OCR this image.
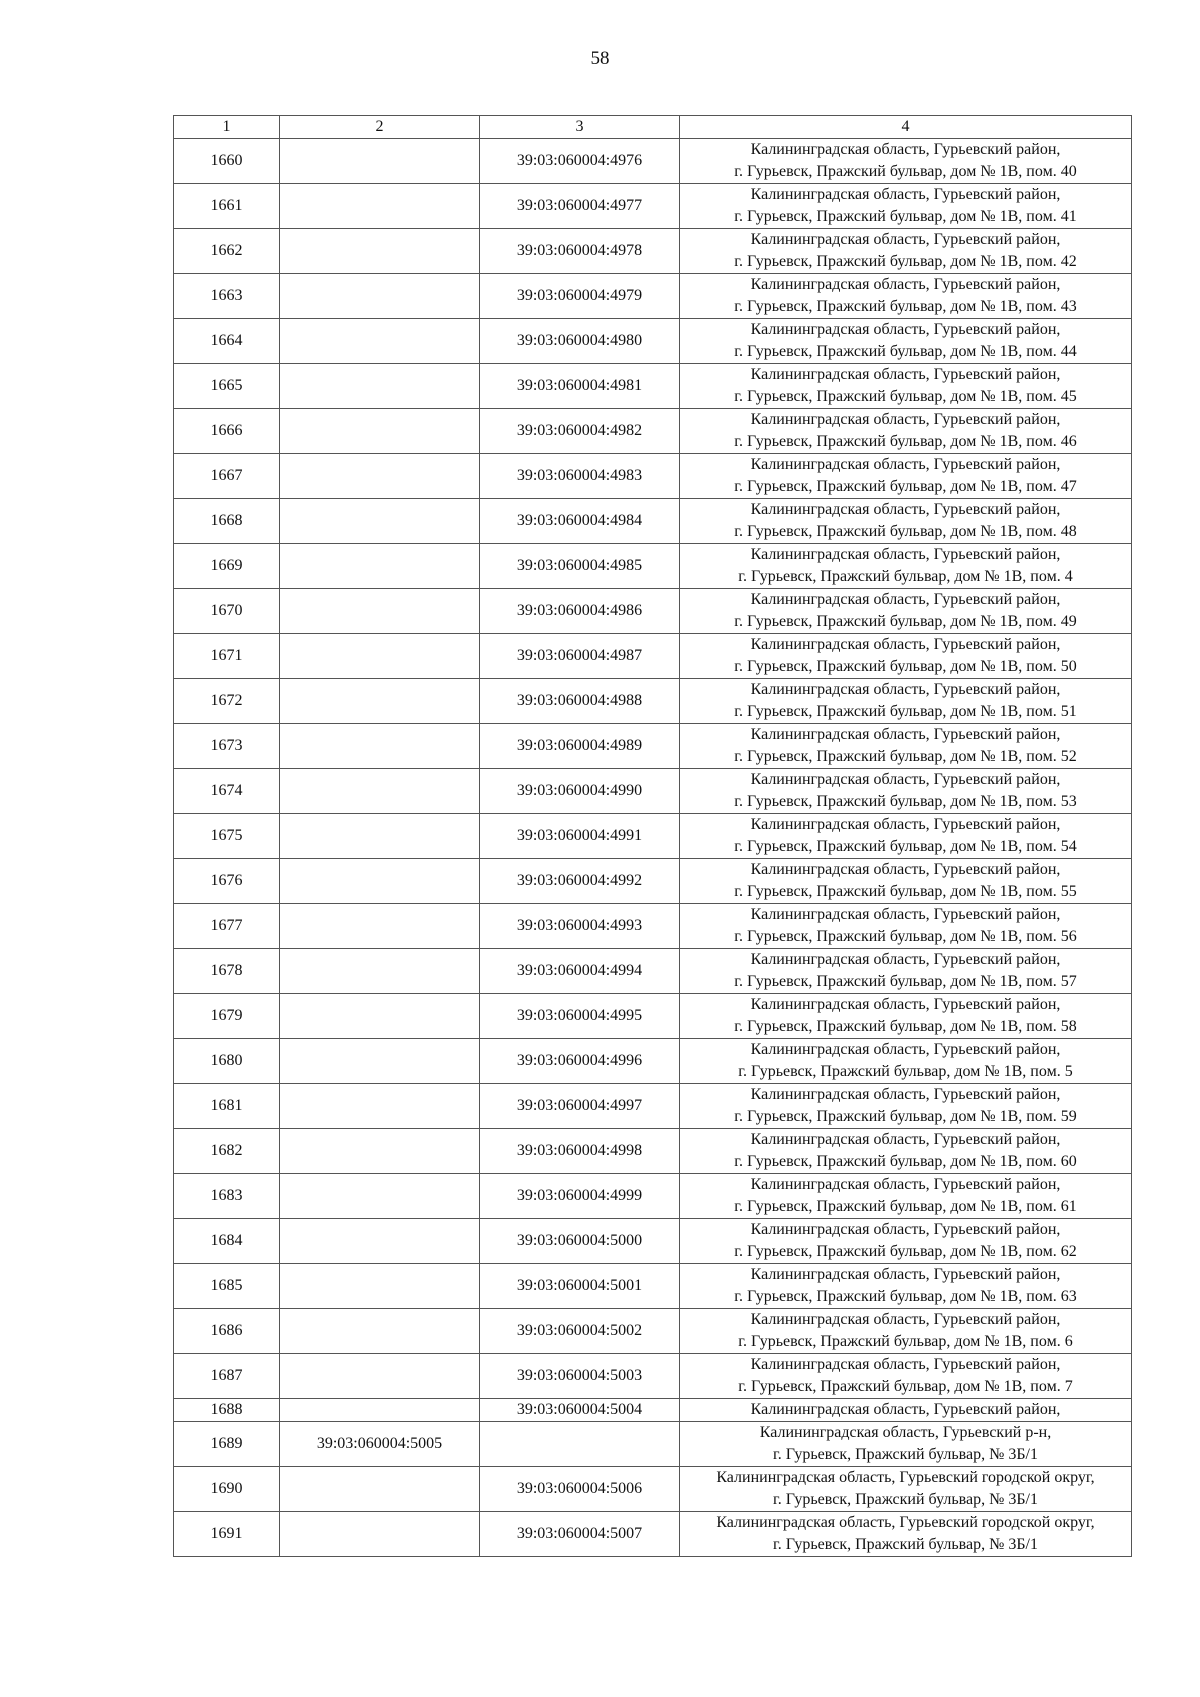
58
1	2	3	4
1660		39:03:060004:4976	Калининградская область, Гурьевский район,
г. Гурьевск, Пражский бульвар, дом № 1В, пом. 40

1661		39:03:060004:4977	Калининградская область, Гурьевский район,
г. Гурьевск, Пражский бульвар, дом № 1В, пом. 41

1662		39:03:060004:4978	Калининградская область, Гурьевский район,
г. Гурьевск, Пражский бульвар, дом № 1В, пом. 42

1663		39:03:060004:4979	Калининградская область, Гурьевский район,
г. Гурьевск, Пражский бульвар, дом № 1В, пом. 43

1664		39:03:060004:4980	Калининградская область, Гурьевский район,
г. Гурьевск, Пражский бульвар, дом № 1В, пом. 44

1665		39:03:060004:4981	Калининградская область, Гурьевский район,
г. Гурьевск, Пражский бульвар, дом № 1В, пом. 45

1666		39:03:060004:4982	Калининградская область, Гурьевский район,
г. Гурьевск, Пражский бульвар, дом № 1В, пом. 46

1667		39:03:060004:4983	Калининградская область, Гурьевский район,
г. Гурьевск, Пражский бульвар, дом № 1В, пом. 47

1668		39:03:060004:4984	Калининградская область, Гурьевский район,
г. Гурьевск, Пражский бульвар, дом № 1В, пом. 48

1669		39:03:060004:4985	Калининградская область, Гурьевский район,
г. Гурьевск, Пражский бульвар, дом № 1В, пом. 4

1670		39:03:060004:4986	Калининградская область, Гурьевский район,
г. Гурьевск, Пражский бульвар, дом № 1В, пом. 49

1671		39:03:060004:4987	Калининградская область, Гурьевский район,
г. Гурьевск, Пражский бульвар, дом № 1В, пом. 50

1672		39:03:060004:4988	Калининградская область, Гурьевский район,
г. Гурьевск, Пражский бульвар, дом № 1В, пом. 51

1673		39:03:060004:4989	Калининградская область, Гурьевский район,
г. Гурьевск, Пражский бульвар, дом № 1В, пом. 52

1674		39:03:060004:4990	Калининградская область, Гурьевский район,
г. Гурьевск, Пражский бульвар, дом № 1В, пом. 53

1675		39:03:060004:4991	Калининградская область, Гурьевский район,
г. Гурьевск, Пражский бульвар, дом № 1В, пом. 54

1676		39:03:060004:4992	Калининградская область, Гурьевский район,
г. Гурьевск, Пражский бульвар, дом № 1В, пом. 55

1677		39:03:060004:4993	Калининградская область, Гурьевский район,
г. Гурьевск, Пражский бульвар, дом № 1В, пом. 56

1678		39:03:060004:4994	Калининградская область, Гурьевский район,
г. Гурьевск, Пражский бульвар, дом № 1В, пом. 57

1679		39:03:060004:4995	Калининградская область, Гурьевский район,
г. Гурьевск, Пражский бульвар, дом № 1В, пом. 58

1680		39:03:060004:4996	Калининградская область, Гурьевский район,
г. Гурьевск, Пражский бульвар, дом № 1В, пом. 5

1681		39:03:060004:4997	Калининградская область, Гурьевский район,
г. Гурьевск, Пражский бульвар, дом № 1В, пом. 59

1682		39:03:060004:4998	Калининградская область, Гурьевский район,
г. Гурьевск, Пражский бульвар, дом № 1В, пом. 60

1683		39:03:060004:4999	Калининградская область, Гурьевский район,
г. Гурьевск, Пражский бульвар, дом № 1В, пом. 61

1684		39:03:060004:5000	Калининградская область, Гурьевский район,
г. Гурьевск, Пражский бульвар, дом № 1В, пом. 62

1685		39:03:060004:5001	Калининградская область, Гурьевский район,
г. Гурьевск, Пражский бульвар, дом № 1В, пом. 63

1686		39:03:060004:5002	Калининградская область, Гурьевский район,
г. Гурьевск, Пражский бульвар, дом № 1В, пом. 6

1687		39:03:060004:5003	Калининградская область, Гурьевский район,
г. Гурьевск, Пражский бульвар, дом № 1В, пом. 7

1688		39:03:060004:5004	Калининградская область, Гурьевский район,

1689	39:03:060004:5005		Калининградская область, Гурьевский р-н,
г. Гурьевск, Пражский бульвар, № 3Б/1

1690		39:03:060004:5006	Калининградская область, Гурьевский городской округ,
г. Гурьевск, Пражский бульвар, № 3Б/1

1691		39:03:060004:5007	Калининградская область, Гурьевский городской округ,
г. Гурьевск, Пражский бульвар, № 3Б/1
